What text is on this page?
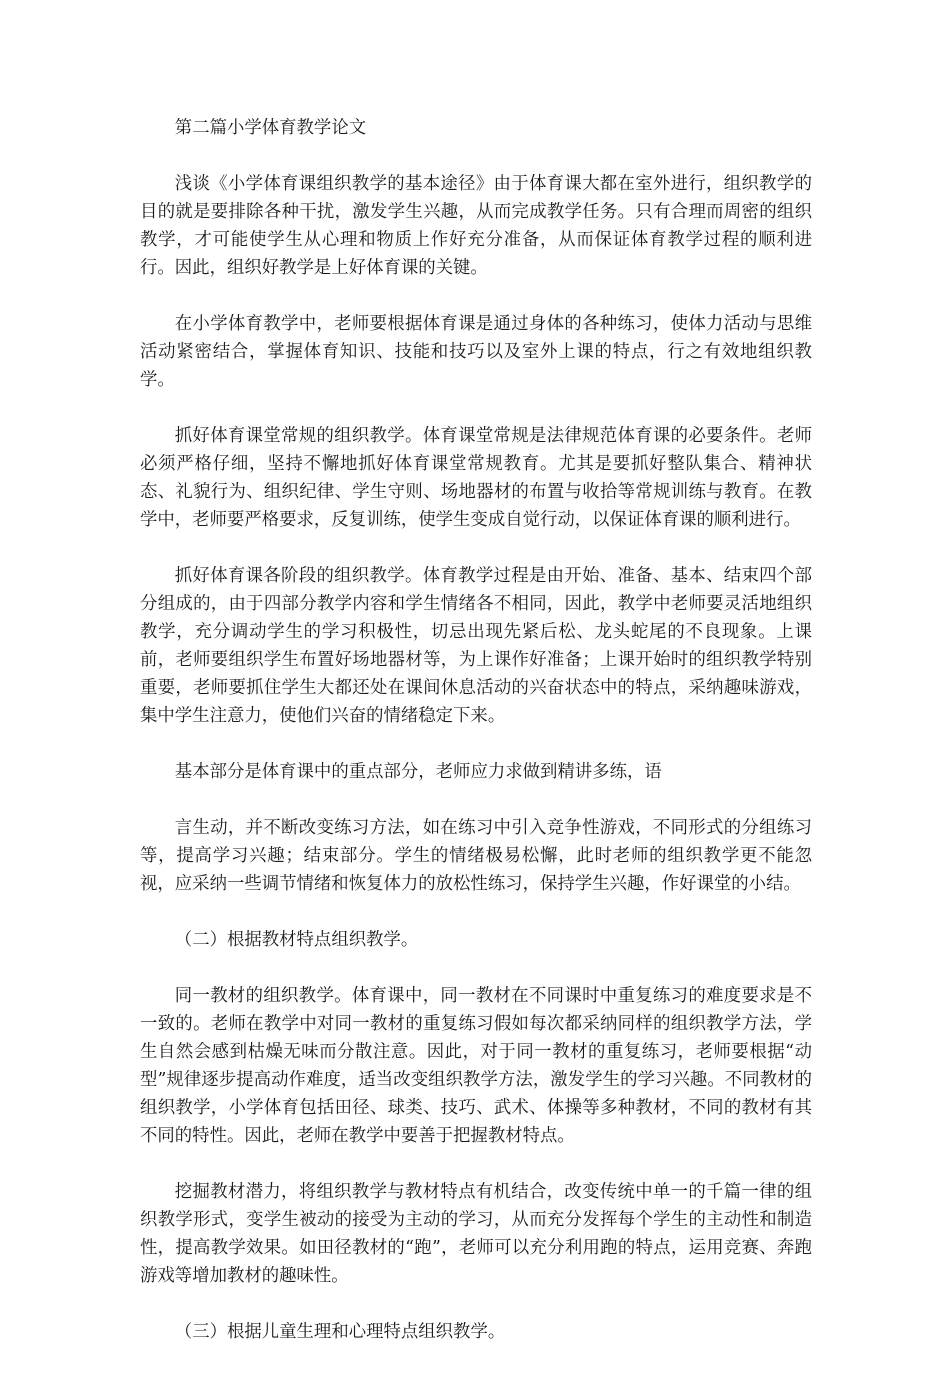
第二篇小学体育教学论文

浅谈《小学体育课组织教学的基本途径》由于体育课大都在室外进行，组织教学的目的就是要排除各种干扰，激发学生兴趣，从而完成教学任务。只有合理而周密的组织教学，才可能使学生从心理和物质上作好充分准备，从而保证体育教学过程的顺利进行。因此，组织好教学是上好体育课的关键。

在小学体育教学中，老师要根据体育课是通过身体的各种练习，使体力活动与思维活动紧密结合，掌握体育知识、技能和技巧以及室外上课的特点，行之有效地组织教学。

抓好体育课堂常规的组织教学。体育课堂常规是法律规范体育课的必要条件。老师必须严格仔细，坚持不懈地抓好体育课堂常规教育。尤其是要抓好整队集合、精神状态、礼貌行为、组织纪律、学生守则、场地器材的布置与收拾等常规训练与教育。在教学中，老师要严格要求，反复训练，使学生变成自觉行动，以保证体育课的顺利进行。

抓好体育课各阶段的组织教学。体育教学过程是由开始、准备、基本、结束四个部分组成的，由于四部分教学内容和学生情绪各不相同，因此，教学中老师要灵活地组织教学，充分调动学生的学习积极性，切忌出现先紧后松、龙头蛇尾的不良现象。上课前，老师要组织学生布置好场地器材等，为上课作好准备；上课开始时的组织教学特别重要，老师要抓住学生大都还处在课间休息活动的兴奋状态中的特点，采纳趣味游戏，集中学生注意力，使他们兴奋的情绪稳定下来。

基本部分是体育课中的重点部分，老师应力求做到精讲多练，语

言生动，并不断改变练习方法，如在练习中引入竞争性游戏，不同形式的分组练习等，提高学习兴趣；结束部分。学生的情绪极易松懈，此时老师的组织教学更不能忽视，应采纳一些调节情绪和恢复体力的放松性练习，保持学生兴趣，作好课堂的小结。

（二）根据教材特点组织教学。

同一教材的组织教学。体育课中，同一教材在不同课时中重复练习的难度要求是不一致的。老师在教学中对同一教材的重复练习假如每次都采纳同样的组织教学方法，学生自然会感到枯燥无味而分散注意。因此，对于同一教材的重复练习，老师要根据“动型”规律逐步提高动作难度，适当改变组织教学方法，激发学生的学习兴趣。不同教材的组织教学，小学体育包括田径、球类、技巧、武术、体操等多种教材，不同的教材有其不同的特性。因此，老师在教学中要善于把握教材特点。

挖掘教材潜力，将组织教学与教材特点有机结合，改变传统中单一的千篇一律的组织教学形式，变学生被动的接受为主动的学习，从而充分发挥每个学生的主动性和制造性，提高教学效果。如田径教材的“跑”，老师可以充分利用跑的特点，运用竞赛、奔跑游戏等增加教材的趣味性。

（三）根据儿童生理和心理特点组织教学。
